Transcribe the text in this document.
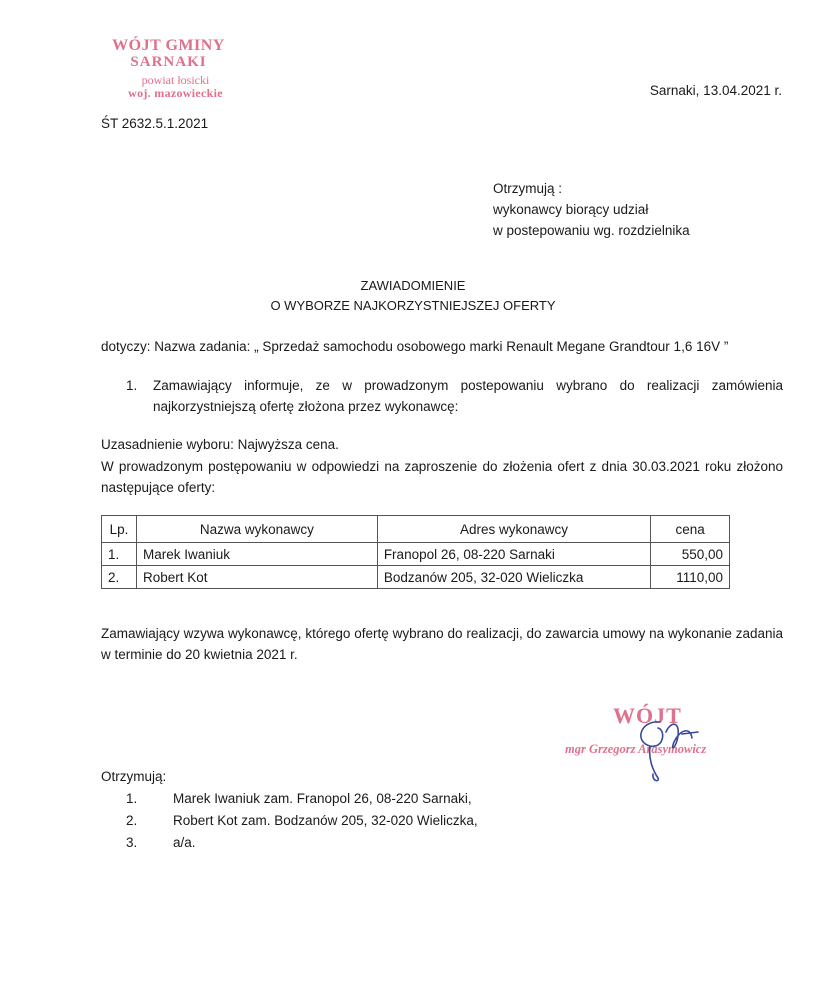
WÓJT GMINY
SARNAKI
powiat łosicki
woj. mazowieckie	Sarnaki, 13.04.2021 r.
ŚT 2632.5.1.2021
Otrzymują :
wykonawcy biorący udział
w postepowaniu wg. rozdzielnika
ZAWIADOMIENIE
O WYBORZE NAJKORZYSTNIEJSZEJ OFERTY
dotyczy: Nazwa zadania: „ Sprzedaż samochodu osobowego marki Renault Megane Grandtour 1,6 16V ”
1.	Zamawiający informuje, ze w prowadzonym postepowaniu wybrano do realizacji zamówienia najkorzystniejszą ofertę złożona przez wykonawcę:
Uzasadnienie wyboru: Najwyższa cena.
W prowadzonym postępowaniu w odpowiedzi na zaproszenie do złożenia ofert z dnia 30.03.2021 roku złożono następujące oferty:
Lp.	Nazwa wykonawcy	Adres wykonawcy	cena
1.	Marek Iwaniuk	Franopol 26, 08-220 Sarnaki	550,00
2.	Robert Kot	Bodzanów 205, 32-020 Wieliczka	1110,00
Zamawiający wzywa wykonawcę, którego ofertę wybrano do realizacji, do zawarcia umowy na wykonanie zadania w terminie do 20 kwietnia 2021 r.
WÓJT
mgr Grzegorz Arasymowicz
Otrzymują:
1.	Marek Iwaniuk zam. Franopol 26, 08-220 Sarnaki,
2.	Robert Kot zam. Bodzanów 205, 32-020 Wieliczka,
3.	a/a.
